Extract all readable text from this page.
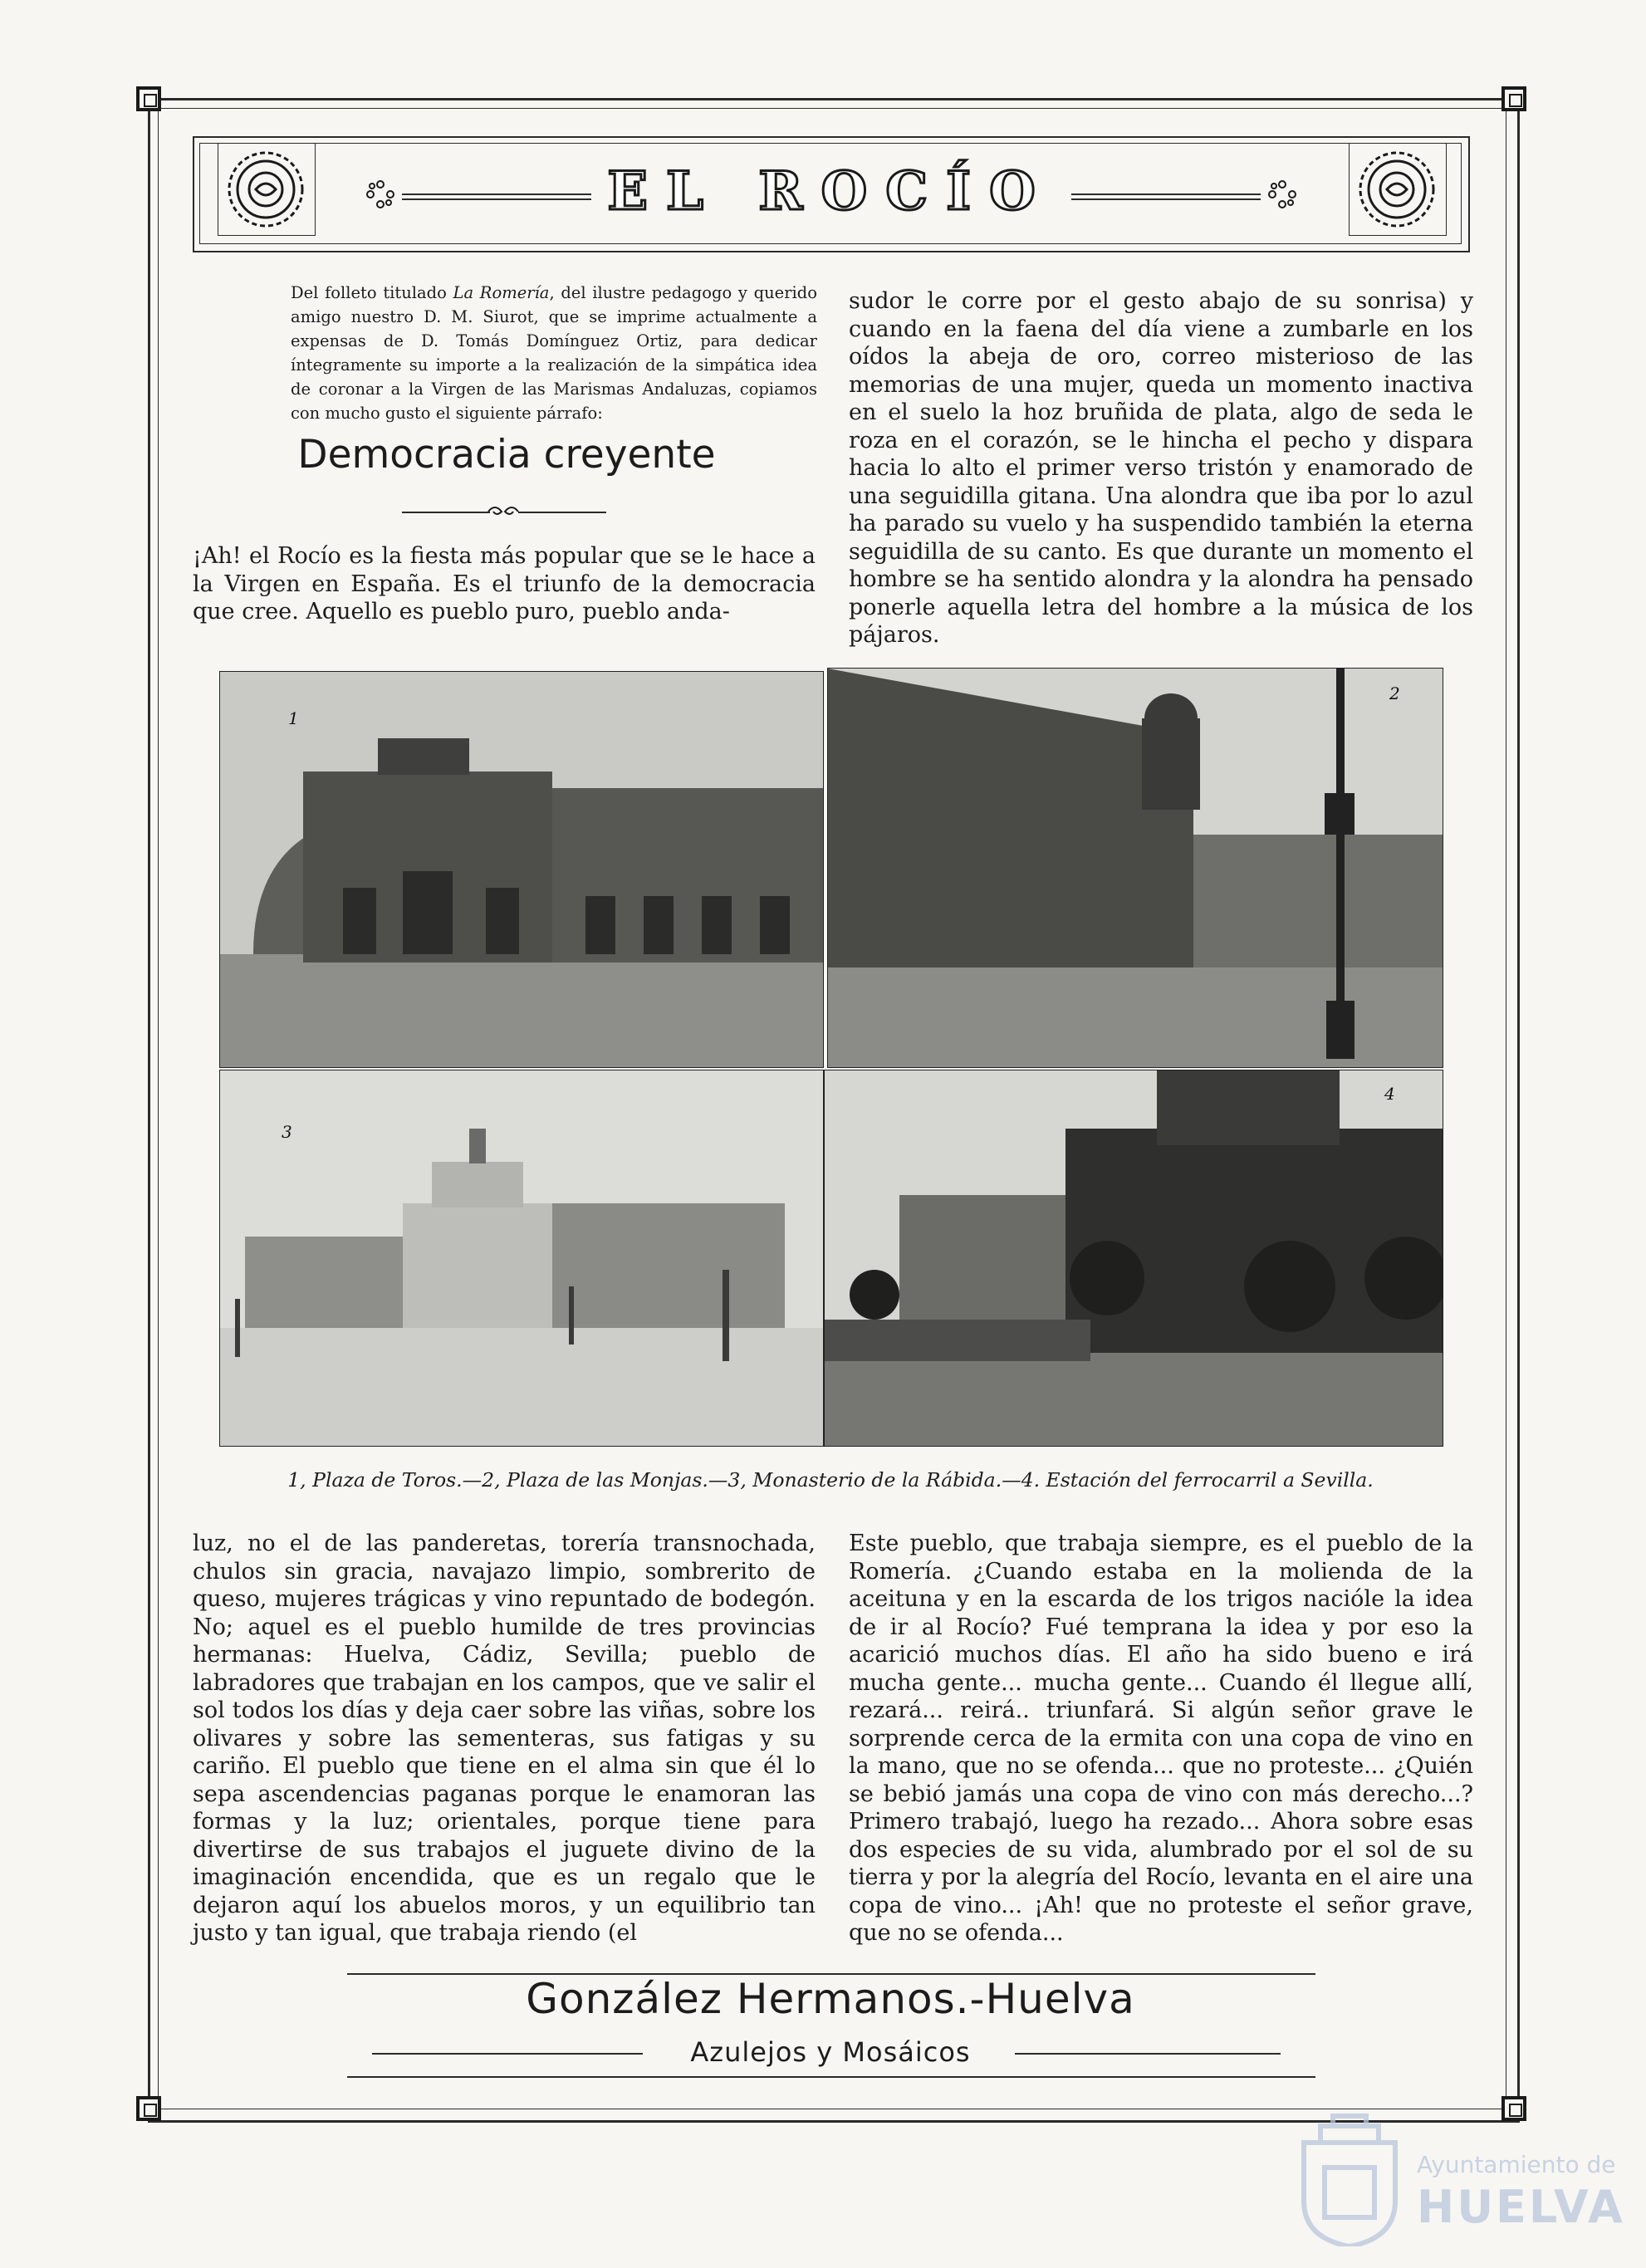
EL ROCÍO
Del folleto titulado La Romería, del ilustre pedagogo y querido amigo nuestro D. M. Siurot, que se imprime actualmente a expensas de D. Tomás Domínguez Ortiz, para dedicar íntegramente su importe a la realización de la simpática idea de coronar a la Virgen de las Marismas Andaluzas, copiamos con mucho gusto el siguiente párrafo:
Democracia creyente
¡Ah! el Rocío es la fiesta más popular que se le hace a la Virgen en España. Es el triunfo de la democracia que cree. Aquello es pueblo puro, pueblo anda-
sudor le corre por el gesto abajo de su sonrisa) y cuando en la faena del día viene a zumbarle en los oídos la abeja de oro, correo misterioso de las memorias de una mujer, queda un momento inactiva en el suelo la hoz bruñida de plata, algo de seda le roza en el corazón, se le hincha el pecho y dispara hacia lo alto el primer verso tristón y enamorado de una seguidilla gitana. Una alondra que iba por lo azul ha parado su vuelo y ha suspendido también la eterna seguidilla de su canto. Es que durante un momento el hombre se ha sentido alondra y la alondra ha pensado ponerle aquella letra del hombre a la música de los pájaros.
1
2
3
4
1, Plaza de Toros.—2, Plaza de las Monjas.—3, Monasterio de la Rábida.—4. Estación del ferrocarril a Sevilla.
luz, no el de las panderetas, torería transnochada, chulos sin gracia, navajazo limpio, sombrerito de queso, mujeres trágicas y vino repuntado de bodegón. No; aquel es el pueblo humilde de tres provincias hermanas: Huelva, Cádiz, Sevilla; pueblo de labradores que trabajan en los campos, que ve salir el sol todos los días y deja caer sobre las viñas, sobre los olivares y sobre las sementeras, sus fatigas y su cariño. El pueblo que tiene en el alma sin que él lo sepa ascendencias paganas porque le enamoran las formas y la luz; orientales, porque tiene para divertirse de sus trabajos el juguete divino de la imaginación encendida, que es un regalo que le dejaron aquí los abuelos moros, y un equilibrio tan justo y tan igual, que trabaja riendo (el
Este pueblo, que trabaja siempre, es el pueblo de la Romería. ¿Cuando estaba en la molienda de la aceituna y en la escarda de los trigos nacióle la idea de ir al Rocío? Fué temprana la idea y por eso la acarició muchos días. El año ha sido bueno e irá mucha gente... mucha gente... Cuando él llegue allí, rezará... reirá.. triunfará. Si algún señor grave le sorprende cerca de la ermita con una copa de vino en la mano, que no se ofenda... que no proteste... ¿Quién se bebió jamás una copa de vino con más derecho...? Primero trabajó, luego ha rezado... Ahora sobre esas dos especies de su vida, alumbrado por el sol de su tierra y por la alegría del Rocío, levanta en el aire una copa de vino... ¡Ah! que no proteste el señor grave, que no se ofenda...
González Hermanos.-Huelva
Azulejos y Mosáicos
Ayuntamiento de
HUELVA
